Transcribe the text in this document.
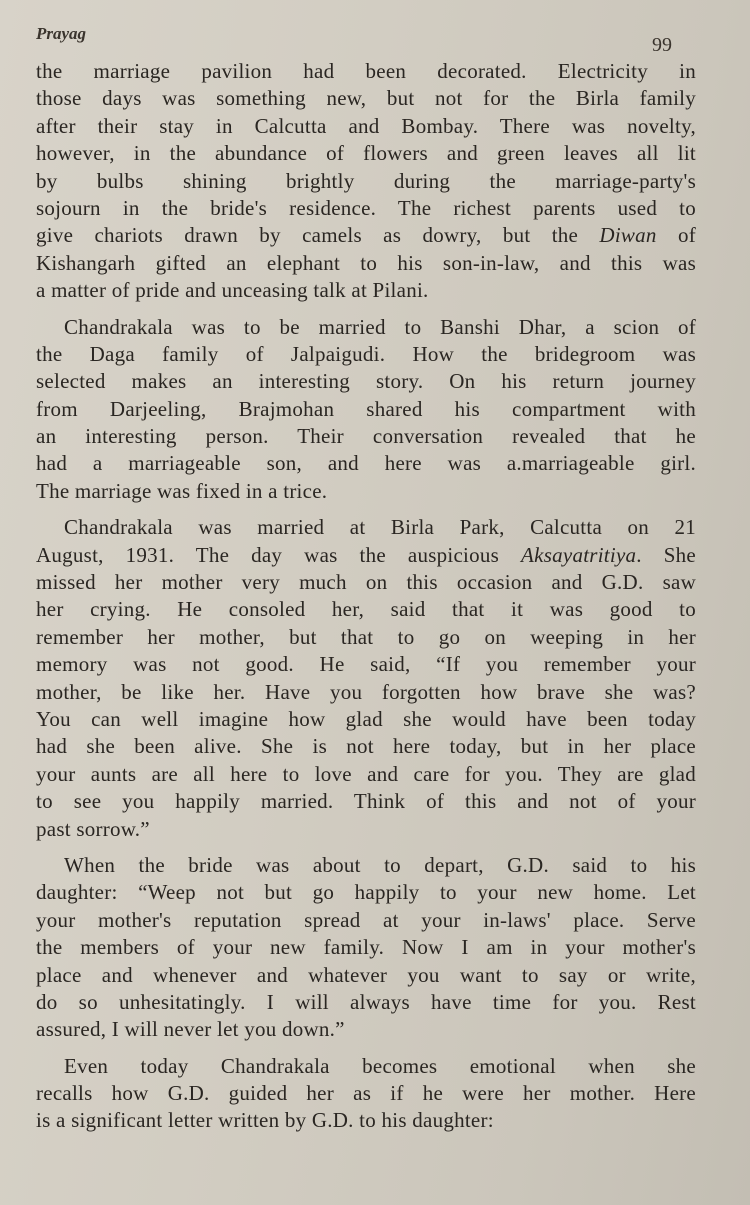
Prayag
99
the marriage pavilion had been decorated. Electricity in
those days was something new, but not for the Birla family
after their stay in Calcutta and Bombay. There was novelty,
however, in the abundance of flowers and green leaves all lit
by bulbs shining brightly during the marriage-party's
sojourn in the bride's residence. The richest parents used to
give chariots drawn by camels as dowry, but the Diwan of
Kishangarh gifted an elephant to his son-in-law, and this was
a matter of pride and unceasing talk at Pilani.
Chandrakala was to be married to Banshi Dhar, a scion of
the Daga family of Jalpaigudi. How the bridegroom was
selected makes an interesting story. On his return journey
from Darjeeling, Brajmohan shared his compartment with
an interesting person. Their conversation revealed that he
had a marriageable son, and here was a.marriageable girl.
The marriage was fixed in a trice.
Chandrakala was married at Birla Park, Calcutta on 21
August, 1931. The day was the auspicious Aksayatritiya. She
missed her mother very much on this occasion and G.D. saw
her crying. He consoled her, said that it was good to
remember her mother, but that to go on weeping in her
memory was not good. He said, “If you remember your
mother, be like her. Have you forgotten how brave she was?
You can well imagine how glad she would have been today
had she been alive. She is not here today, but in her place
your aunts are all here to love and care for you. They are glad
to see you happily married. Think of this and not of your
past sorrow.”
When the bride was about to depart, G.D. said to his
daughter: “Weep not but go happily to your new home. Let
your mother's reputation spread at your in-laws' place. Serve
the members of your new family. Now I am in your mother's
place and whenever and whatever you want to say or write,
do so unhesitatingly. I will always have time for you. Rest
assured, I will never let you down.”
Even today Chandrakala becomes emotional when she
recalls how G.D. guided her as if he were her mother. Here
is a significant letter written by G.D. to his daughter:
